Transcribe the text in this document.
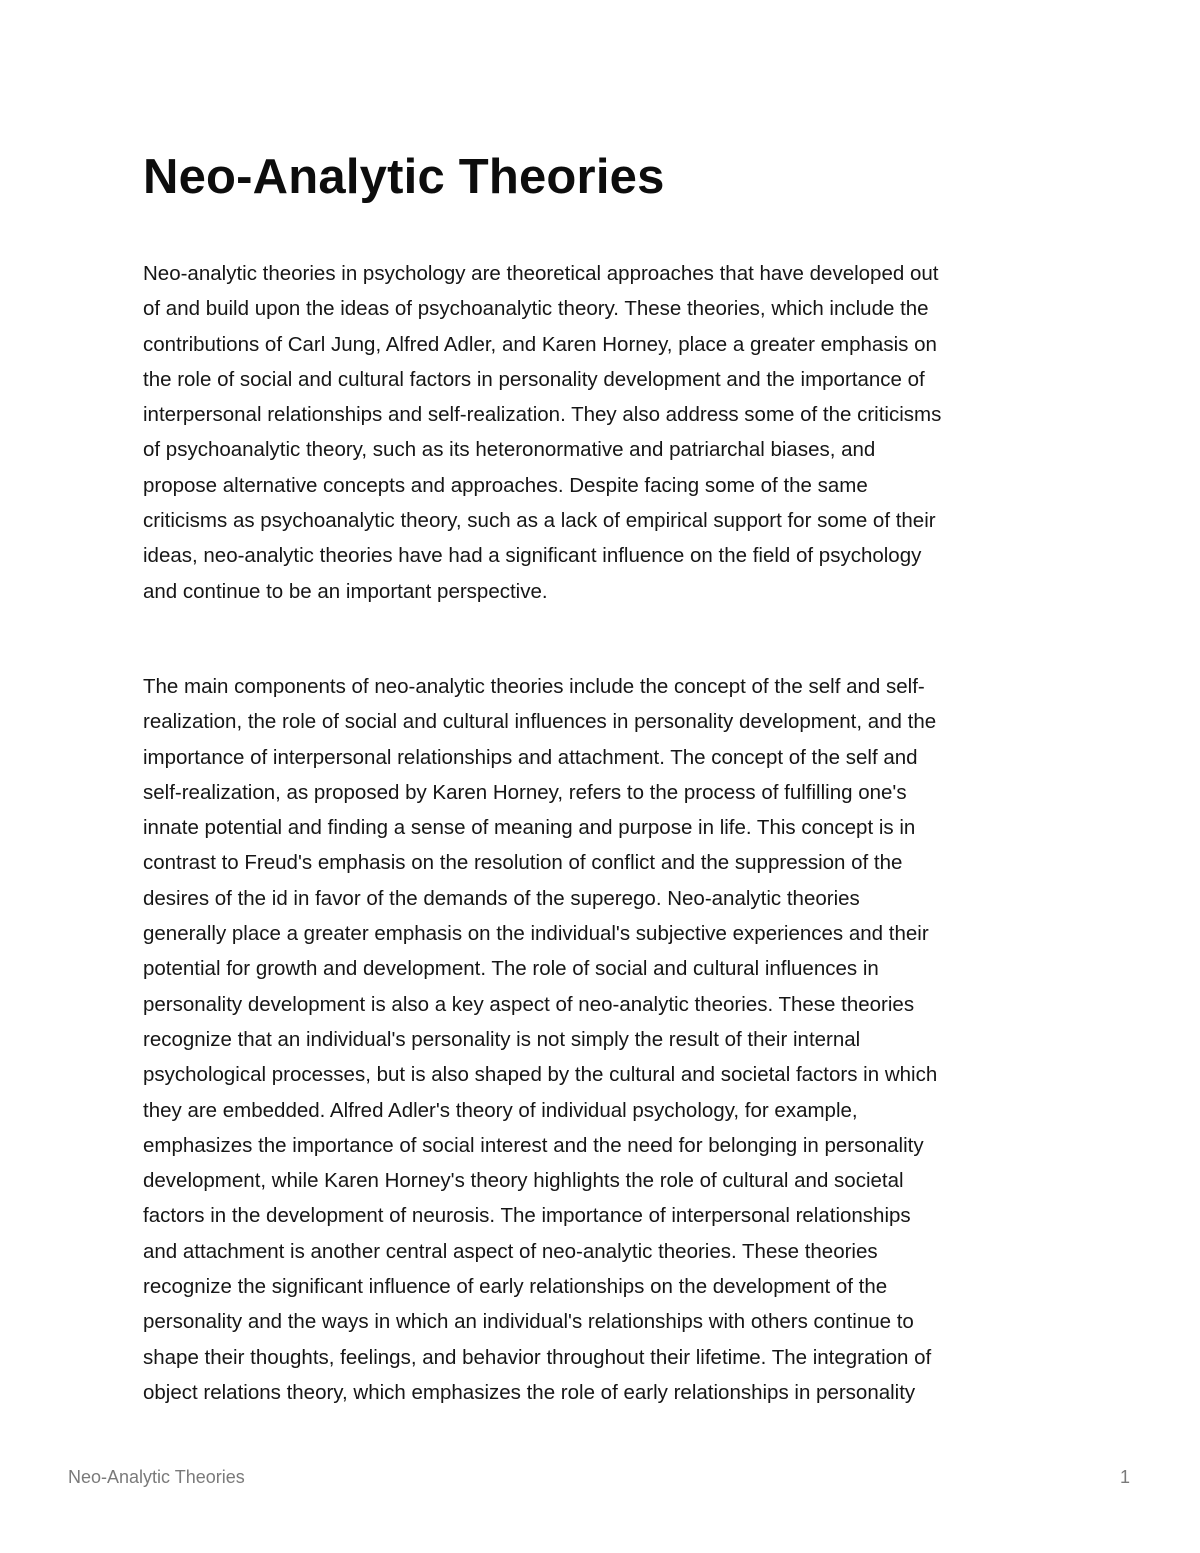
Neo-Analytic Theories

Neo-analytic theories in psychology are theoretical approaches that have developed out

of and build upon the ideas of psychoanalytic theory. These theories, which include the

contributions of Carl Jung, Alfred Adler, and Karen Horney, place a greater emphasis on

the role of social and cultural factors in personality development and the importance of

interpersonal relationships and self-realization. They also address some of the criticisms

of psychoanalytic theory, such as its heteronormative and patriarchal biases, and

propose alternative concepts and approaches. Despite facing some of the same

criticisms as psychoanalytic theory, such as a lack of empirical support for some of their

ideas, neo-analytic theories have had a significant influence on the field of psychology

and continue to be an important perspective.

The main components of neo-analytic theories include the concept of the self and self-

realization, the role of social and cultural influences in personality development, and the

importance of interpersonal relationships and attachment. The concept of the self and

self-realization, as proposed by Karen Horney, refers to the process of fulfilling one's

innate potential and finding a sense of meaning and purpose in life. This concept is in

contrast to Freud's emphasis on the resolution of conflict and the suppression of the

desires of the id in favor of the demands of the superego. Neo-analytic theories

generally place a greater emphasis on the individual's subjective experiences and their

potential for growth and development. The role of social and cultural influences in

personality development is also a key aspect of neo-analytic theories. These theories

recognize that an individual's personality is not simply the result of their internal

psychological processes, but is also shaped by the cultural and societal factors in which

they are embedded. Alfred Adler's theory of individual psychology, for example,

emphasizes the importance of social interest and the need for belonging in personality

development, while Karen Horney's theory highlights the role of cultural and societal

factors in the development of neurosis. The importance of interpersonal relationships

and attachment is another central aspect of neo-analytic theories. These theories

recognize the significant influence of early relationships on the development of the

personality and the ways in which an individual's relationships with others continue to

shape their thoughts, feelings, and behavior throughout their lifetime. The integration of

object relations theory, which emphasizes the role of early relationships in personality

Neo-Analytic Theories	1
